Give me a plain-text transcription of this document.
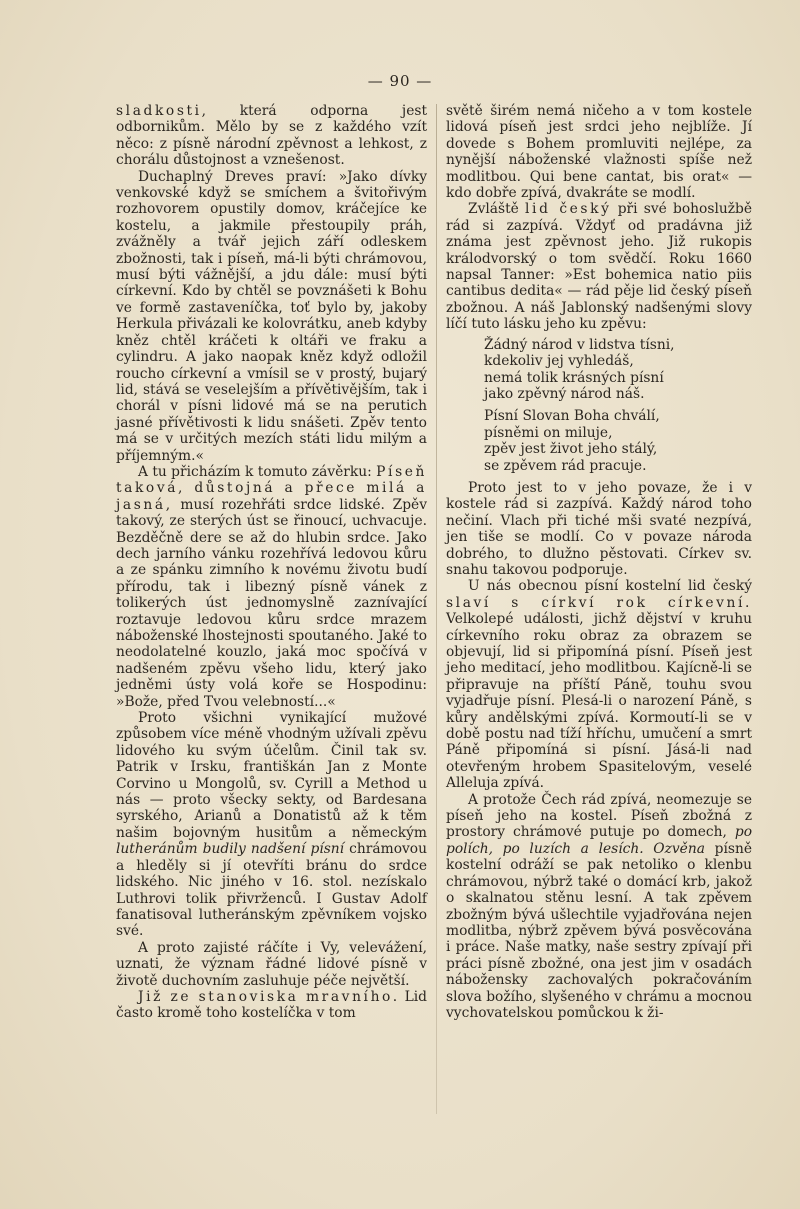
— 90 —

sladkosti, která odporna jest odbornikům. Mělo by se z každého vzít něco: z písně národní zpěvnost a lehkost, z chorálu důstojnost a vznešenost.

Duchaplný Dreves praví: »Jako dívky venkovské když se smíchem a švitořivým rozhovorem opustily domov, kráčejíce ke kostelu, a jakmile přestoupily práh, zvážněly a tvář jejich září odleskem zbožnosti, tak i píseň, má-li býti chrámovou, musí býti vážnější, a jdu dále: musí býti církevní. Kdo by chtěl se povznášeti k Bohu ve formě zastaveníčka, toť bylo by, jakoby Herkula přivázali ke kolovrátku, aneb kdyby kněz chtěl kráčeti k oltáři ve fraku a cylindru. A jako naopak kněz když odložil roucho církevní a vmísil se v prostý, bujarý lid, stává se veselejším a přívětivějším, tak i chorál v písni lidové má se na perutich jasné přívětivosti k lidu snášeti. Zpěv tento má se v určitých mezích státi lidu milým a příjemným.«

A tu přicházím k tomuto závěrku: Píseň taková, důstojná a přece milá a jasná, musí rozehřáti srdce lidské. Zpěv takový, ze sterých úst se řinoucí, uchvacuje. Bezděčně dere se až do hlubin srdce. Jako dech jarního vánku rozehřívá ledovou kůru a ze spánku zimního k novému životu budí přírodu, tak i libezný písně vánek z tolikerých úst jednomyslně zaznívající roztavuje ledovou kůru srdce mrazem náboženské lhostejnosti spoutaného. Jaké to neodolatelné kouzlo, jaká moc spočívá v nadšeném zpěvu všeho lidu, který jako jedněmi ústy volá koře se Hospodinu: »Bože, před Tvou velebností...«

Proto všichni vynikající mužové způsobem více méně vhodným užívali zpěvu lidového ku svým účelům. Činil tak sv. Patrik v Irsku, františkán Jan z Monte Corvino u Mongolů, sv. Cyrill a Method u nás — proto všecky sekty, od Bardesana syrského, Arianů a Donatistů až k těm našim bojovným husitům a německým lutheránům budily nadšení písní chrámovou a hleděly si jí otevříti bránu do srdce lidského. Nic jiného v 16. stol. nezískalo Luthrovi tolik přivrženců. I Gustav Adolf fanatisoval lutheránským zpěvníkem vojsko své.

A proto zajisté ráčíte i Vy, velevážení, uznati, že význam řádné lidové písně v životě duchovním zasluhuje péče největší.

Již ze stanoviska mravního. Lid často kromě toho kostelíčka v tom

světě širém nemá ničeho a v tom kostele lidová píseň jest srdci jeho nejblíže. Jí dovede s Bohem promluviti nejlépe, za nynější náboženské vlažnosti spíše než modlitbou. Qui bene cantat, bis orat« — kdo dobře zpívá, dvakráte se modlí.

Zvláště lid český při své bohoslužbě rád si zazpívá. Vždyť od pradávna již známa jest zpěvnost jeho. Již rukopis králodvorský o tom svědčí. Roku 1660 napsal Tanner: »Est bohemica natio piis cantibus dedita« — rád pěje lid český píseň zbožnou. A náš Jablonský nadšenými slovy líčí tuto lásku jeho ku zpěvu:

Žádný národ v lidstva tísni,
kdekoliv jej vyhledáš,
nemá tolik krásných písní
jako zpěvný národ náš.
Písní Slovan Boha chválí,
písněmi on miluje,
zpěv jest život jeho stálý,
se zpěvem rád pracuje.

Proto jest to v jeho povaze, že i v kostele rád si zazpívá. Každý národ toho nečiní. Vlach při tiché mši svaté nezpívá, jen tiše se modlí. Co v povaze národa dobrého, to dlužno pěstovati. Církev sv. snahu takovou podporuje.

U nás obecnou písní kostelní lid český slaví s církví rok církevní. Velkolepé události, jichž dějství v kruhu církevního roku obraz za obrazem se objevují, lid si připomíná písní. Píseň jest jeho meditací, jeho modlitbou. Kajícně-li se připravuje na příští Páně, touhu svou vyjadřuje písní. Plesá-li o narození Páně, s kůry andělskými zpívá. Kormoutí-li se v době postu nad tíží hříchu, umučení a smrt Páně připomíná si písní. Jásá-li nad otevřeným hrobem Spasitelovým, veselé Alleluja zpívá.

A protože Čech rád zpívá, neomezuje se píseň jeho na kostel. Píseň zbožná z prostory chrámové putuje po domech, po polích, po luzích a lesích. Ozvěna písně kostelní odráží se pak netoliko o klenbu chrámovou, nýbrž také o domácí krb, jakož o skalnatou stěnu lesní. A tak zpěvem zbožným bývá ušlechtile vyjadřována nejen modlitba, nýbrž zpěvem bývá posvěcována i práce. Naše matky, naše sestry zpívají při práci písně zbožné, ona jest jim v osadách nábožensky zachovalých pokračováním slova božího, slyšeného v chrámu a mocnou vychovatelskou pomůckou k ži-
